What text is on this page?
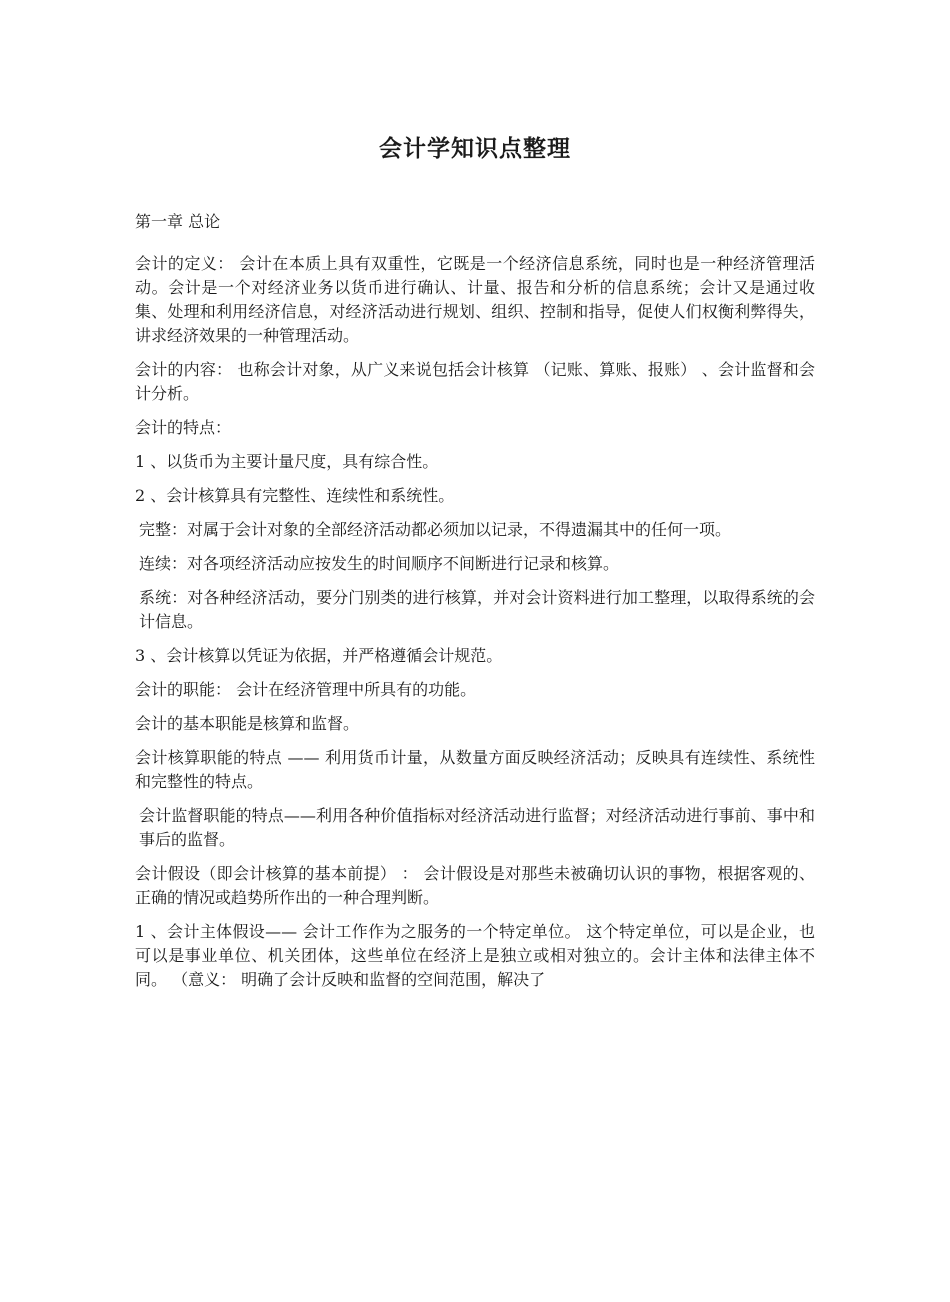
会计学知识点整理

第一章 总论

会计的定义： 会计在本质上具有双重性，它既是一个经济信息系统，同时也是一种经济管理活动。会计是一个对经济业务以货币进行确认、计量、报告和分析的信息系统；会计又是通过收集、处理和利用经济信息，对经济活动进行规划、组织、控制和指导，促使人们权衡利弊得失，讲求经济效果的一种管理活动。

会计的内容： 也称会计对象，从广义来说包括会计核算 （记账、算账、报账） 、会计监督和会计分析。

会计的特点：

1 、以货币为主要计量尺度，具有综合性。

2 、会计核算具有完整性、连续性和系统性。

完整：对属于会计对象的全部经济活动都必须加以记录，不得遗漏其中的任何一项。

连续：对各项经济活动应按发生的时间顺序不间断进行记录和核算。

系统：对各种经济活动，要分门别类的进行核算，并对会计资料进行加工整理，以取得系统的会计信息。

3 、会计核算以凭证为依据，并严格遵循会计规范。

会计的职能： 会计在经济管理中所具有的功能。

会计的基本职能是核算和监督。

会计核算职能的特点 —— 利用货币计量，从数量方面反映经济活动；反映具有连续性、系统性和完整性的特点。

会计监督职能的特点——利用各种价值指标对经济活动进行监督；对经济活动进行事前、事中和事后的监督。

会计假设（即会计核算的基本前提） ： 会计假设是对那些未被确切认识的事物，根据客观的、正确的情况或趋势所作出的一种合理判断。

1 、会计主体假设—— 会计工作作为之服务的一个特定单位。 这个特定单位，可以是企业，也可以是事业单位、机关团体，这些单位在经济上是独立或相对独立的。会计主体和法律主体不同。 （意义： 明确了会计反映和监督的空间范围，解决了
